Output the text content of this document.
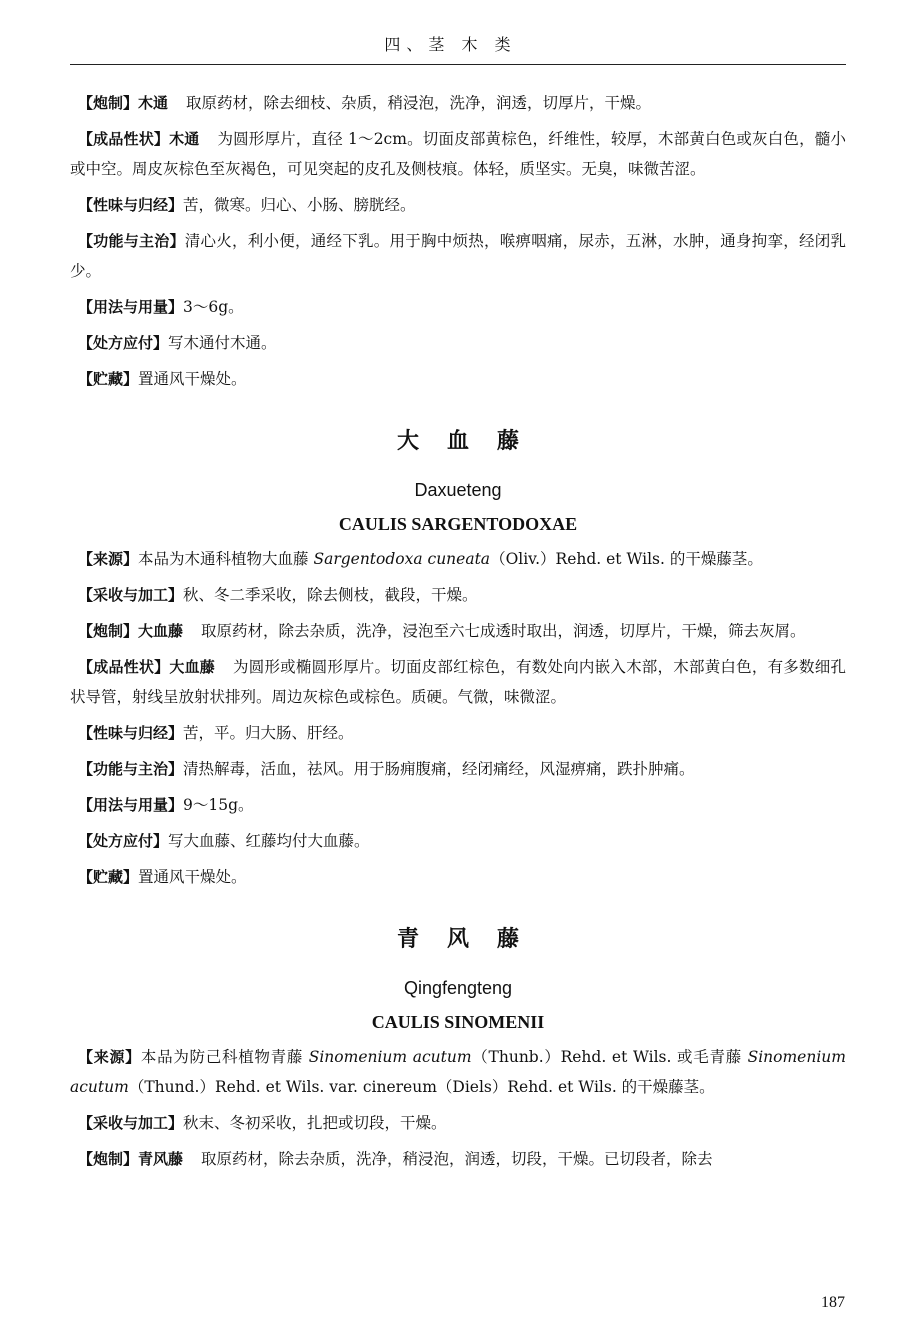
四、茎 木 类

【炮制】木通 取原药材，除去细枝、杂质，稍浸泡，洗净，润透，切厚片，干燥。

【成品性状】木通 为圆形厚片，直径 1～2cm。切面皮部黄棕色，纤维性，较厚，木部黄白色或灰白色，髓小或中空。周皮灰棕色至灰褐色，可见突起的皮孔及侧枝痕。体轻，质坚实。无臭，味微苦涩。

【性味与归经】苦，微寒。归心、小肠、膀胱经。

【功能与主治】清心火，利小便，通经下乳。用于胸中烦热，喉痹咽痛，尿赤，五淋，水肿，通身拘挛，经闭乳少。

【用法与用量】3～6g。

【处方应付】写木通付木通。

【贮藏】置通风干燥处。

大血藤
Daxueteng
CAULIS SARGENTODOXAE

【来源】本品为木通科植物大血藤 Sargentodoxa cuneata（Oliv.）Rehd. et Wils. 的干燥藤茎。

【采收与加工】秋、冬二季采收，除去侧枝，截段，干燥。

【炮制】大血藤 取原药材，除去杂质，洗净，浸泡至六七成透时取出，润透，切厚片，干燥，筛去灰屑。

【成品性状】大血藤 为圆形或椭圆形厚片。切面皮部红棕色，有数处向内嵌入木部，木部黄白色，有多数细孔状导管，射线呈放射状排列。周边灰棕色或棕色。质硬。气微，味微涩。

【性味与归经】苦，平。归大肠、肝经。

【功能与主治】清热解毒，活血，祛风。用于肠痈腹痛，经闭痛经，风湿痹痛，跌扑肿痛。

【用法与用量】9～15g。

【处方应付】写大血藤、红藤均付大血藤。

【贮藏】置通风干燥处。

青风藤
Qingfengteng
CAULIS SINOMENII

【来源】本品为防己科植物青藤 Sinomenium acutum（Thunb.）Rehd. et Wils. 或毛青藤 Sinomenium acutum（Thund.）Rehd. et Wils. var. cinereum（Diels）Rehd. et Wils. 的干燥藤茎。

【采收与加工】秋末、冬初采收，扎把或切段，干燥。

【炮制】青风藤 取原药材，除去杂质，洗净，稍浸泡，润透，切段，干燥。已切段者，除去

187
